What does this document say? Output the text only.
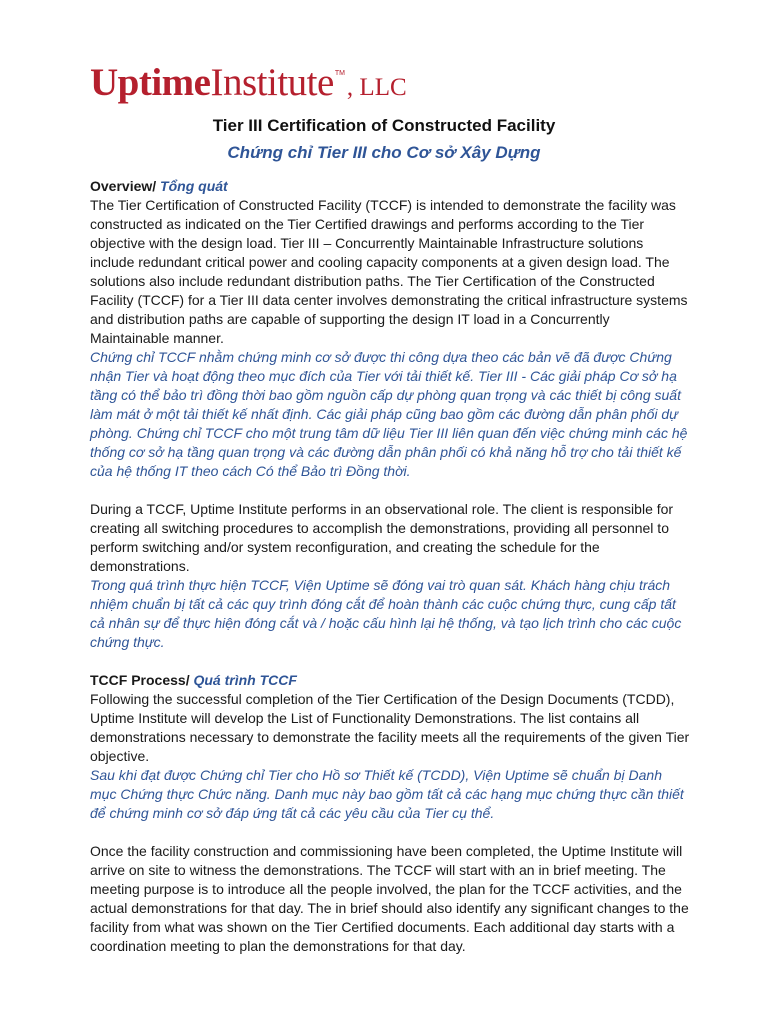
Uptime Institute TM
, LLC
Tier III Certification of Constructed Facility
Chứng chỉ Tier III cho Cơ sở Xây Dựng

Overview/ Tổng quát

The Tier Certification of Constructed Facility (TCCF) is intended to demonstrate the facility was constructed as indicated on the Tier Certified drawings and performs according to the Tier objective with the design load. Tier III – Concurrently Maintainable Infrastructure solutions include redundant critical power and cooling capacity components at a given design load. The solutions also include redundant distribution paths. The Tier Certification of the Constructed Facility (TCCF) for a Tier III data center involves demonstrating the critical infrastructure systems and distribution paths are capable of supporting the design IT load in a Concurrently Maintainable manner.

Chứng chỉ TCCF nhằm chứng minh cơ sở được thi công dựa theo các bản vẽ đã được Chứng nhận Tier và hoạt động theo mục đích của Tier với tải thiết kế. Tier III - Các giải pháp Cơ sở hạ tầng có thể bảo trì đồng thời bao gồm nguồn cấp dự phòng quan trọng và các thiết bị công suất làm mát ở một tải thiết kế nhất định. Các giải pháp cũng bao gồm các đường dẫn phân phối dự phòng. Chứng chỉ TCCF cho một trung tâm dữ liệu Tier III liên quan đến việc chứng minh các hệ thống cơ sở hạ tầng quan trọng và các đường dẫn phân phối có khả năng hỗ trợ cho tải thiết kế của hệ thống IT theo cách Có thể Bảo trì Đồng thời.

During a TCCF, Uptime Institute performs in an observational role. The client is responsible for creating all switching procedures to accomplish the demonstrations, providing all personnel to perform switching and/or system reconfiguration, and creating the schedule for the demonstrations.

Trong quá trình thực hiện TCCF, Viện Uptime sẽ đóng vai trò quan sát. Khách hàng chịu trách nhiệm chuẩn bị tất cả các quy trình đóng cắt để hoàn thành các cuộc chứng thực, cung cấp tất cả nhân sự để thực hiện đóng cắt và / hoặc cấu hình lại hệ thống, và tạo lịch trình cho các cuộc chứng thực.

TCCF Process/ Quá trình TCCF

Following the successful completion of the Tier Certification of the Design Documents (TCDD), Uptime Institute will develop the List of Functionality Demonstrations. The list contains all demonstrations necessary to demonstrate the facility meets all the requirements of the given Tier objective.

Sau khi đạt được Chứng chỉ Tier cho Hồ sơ Thiết kế (TCDD), Viện Uptime sẽ chuẩn bị Danh mục Chứng thực Chức năng. Danh mục này bao gồm tất cả các hạng mục chứng thực cần thiết để chứng minh cơ sở đáp ứng tất cả các yêu cầu của Tier cụ thể.

Once the facility construction and commissioning have been completed, the Uptime Institute will arrive on site to witness the demonstrations. The TCCF will start with an in brief meeting. The meeting purpose is to introduce all the people involved, the plan for the TCCF activities, and the actual demonstrations for that day. The in brief should also identify any significant changes to the facility from what was shown on the Tier Certified documents. Each additional day starts with a coordination meeting to plan the demonstrations for that day.
